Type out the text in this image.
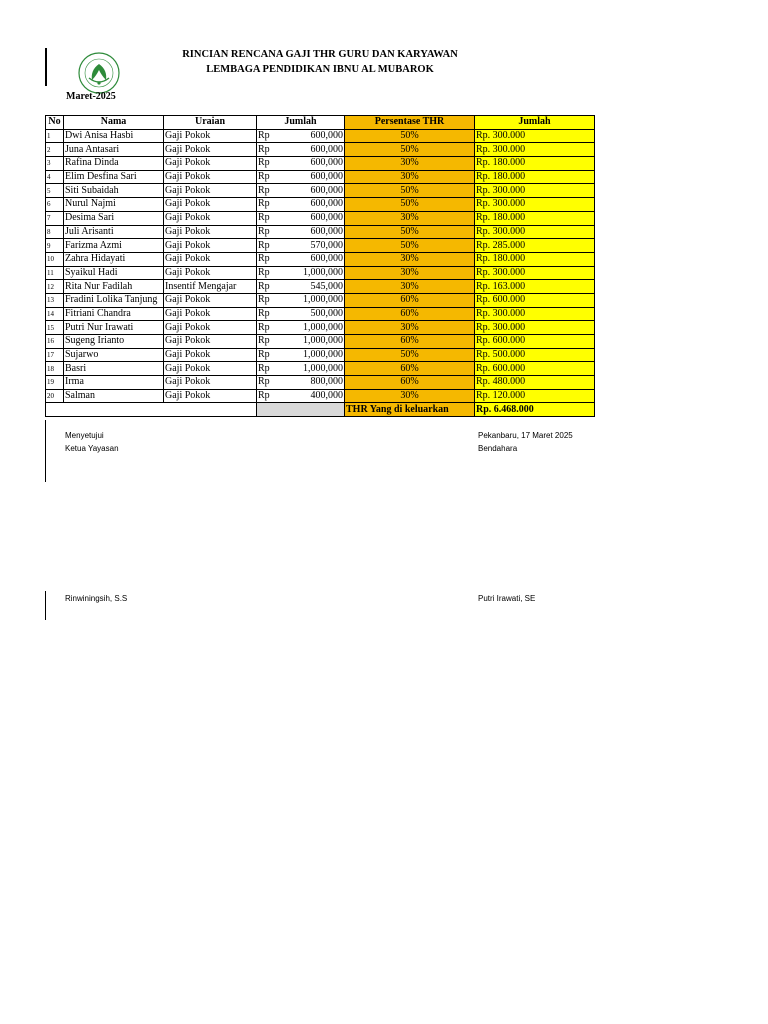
RINCIAN RENCANA GAJI THR GURU DAN KARYAWAN
LEMBAGA PENDIDIKAN IBNU AL MUBAROK
Maret-2025
No	Nama	Uraian	Jumlah		Persentase THR	Jumlah
1	Dwi Anisa Hasbi	Gaji Pokok	Rp	600,000	50%	Rp. 300.000
2	Juna Antasari	Gaji Pokok	Rp	600,000	50%	Rp. 300.000
3	Rafina Dinda	Gaji Pokok	Rp	600,000	30%	Rp. 180.000
4	Elim Desfina Sari	Gaji Pokok	Rp	600,000	30%	Rp. 180.000
5	Siti Subaidah	Gaji Pokok	Rp	600,000	50%	Rp. 300.000
6	Nurul Najmi	Gaji Pokok	Rp	600,000	50%	Rp. 300.000
7	Desima Sari	Gaji Pokok	Rp	600,000	30%	Rp. 180.000
8	Juli Arisanti	Gaji Pokok	Rp	600,000	50%	Rp. 300.000
9	Farizma Azmi	Gaji Pokok	Rp	570,000	50%	Rp. 285.000
10	Zahra Hidayati	Gaji Pokok	Rp	600,000	30%	Rp. 180.000
11	Syaikul Hadi	Gaji Pokok	Rp	1,000,000	30%	Rp. 300.000
12	Rita Nur Fadilah	Insentif Mengajar	Rp	545,000	30%	Rp. 163.000
13	Fradini Lolika Tanjung	Gaji Pokok	Rp	1,000,000	60%	Rp. 600.000
14	Fitriani Chandra	Gaji Pokok	Rp	500,000	60%	Rp. 300.000
15	Putri Nur Irawati	Gaji Pokok	Rp	1,000,000	30%	Rp. 300.000
16	Sugeng Irianto	Gaji Pokok	Rp	1,000,000	60%	Rp. 600.000
17	Sujarwo	Gaji Pokok	Rp	1,000,000	50%	Rp. 500.000
18	Basri	Gaji Pokok	Rp	1,000,000	60%	Rp. 600.000
19	Irma	Gaji Pokok	Rp	800,000	60%	Rp. 480.000
20	Salman	Gaji Pokok	Rp	400,000	30%	Rp. 120.000
					THR Yang di keluarkan	Rp. 6.468.000
Menyetujui
Ketua Yayasan
Rinwiningsih, S.S
Pekanbaru, 17 Maret 2025
Bendahara
Putri Irawati, SE
